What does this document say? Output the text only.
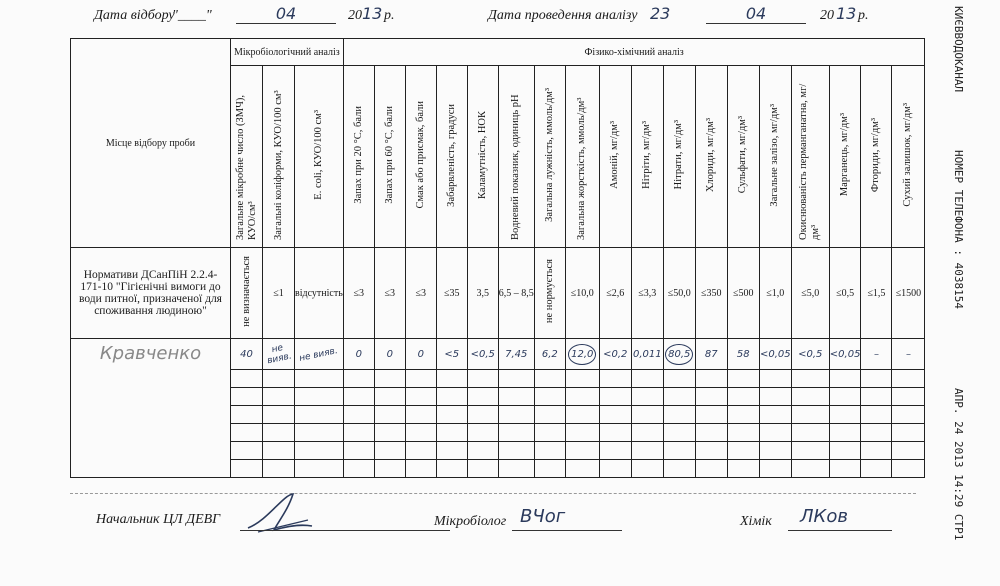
Дата відбору
"____"	04	20 13 р.	Дата проведення аналізу 23	04	20 13 р.
Місце відбору проби	Мікробіологічний аналіз			Фізико-хімічний аналіз																	
	Загальне мікробне число (ЗМЧ), КУО/см³	Загальні коліформи, КУО/100 см³	E. coli, КУО/100 см³	Запах при 20 °С, бали	Запах при 60 °С, бали	Смак або присмак, бали	Забарвленість, градуси	Каламутність, НОК	Водневий показник, одиниць pH	Загальна лужність, ммоль/дм³	Загальна жорсткість, ммоль/дм³	Амоній, мг/дм³	Нітріти, мг/дм³	Нітрати, мг/дм³	Хлориди, мг/дм³	Сульфати, мг/дм³	Загальне залізо, мг/дм³	Окиснюваність перманганатна, мг/дм³	Марганець, мг/дм³	Фториди, мг/дм³	Сухий залишок, мг/дм³
Нормативи ДСанПіН 2.2.4-171-10 "Гігієнічні вимоги до води питної, призначеної для споживання людиною"	не визначається	≤1	відсутність	≤3	≤3	≤3	≤35	3,5	6,5 – 8,5	не нормується	≤10,0	≤2,6	≤3,3	≤50,0	≤350	≤500	≤1,0	≤5,0	≤0,5	≤1,5	≤1500
Кравченко	40	не вияв.	не вияв.	0	0	0	<5	<0,5	7,45	6,2	12,0	<0,2	0,011	80,5	87	58	<0,05	<0,5	<0,05	–	–

Начальник ЦЛ ДЕВГ	Мікробіолог ВЧог	Хімік ЛКов
КИЄВВОДОКАНАЛ
НОМЕР ТЕЛЕФОНА : 4038154
АПР. 24 2013 14:29 СТР1
